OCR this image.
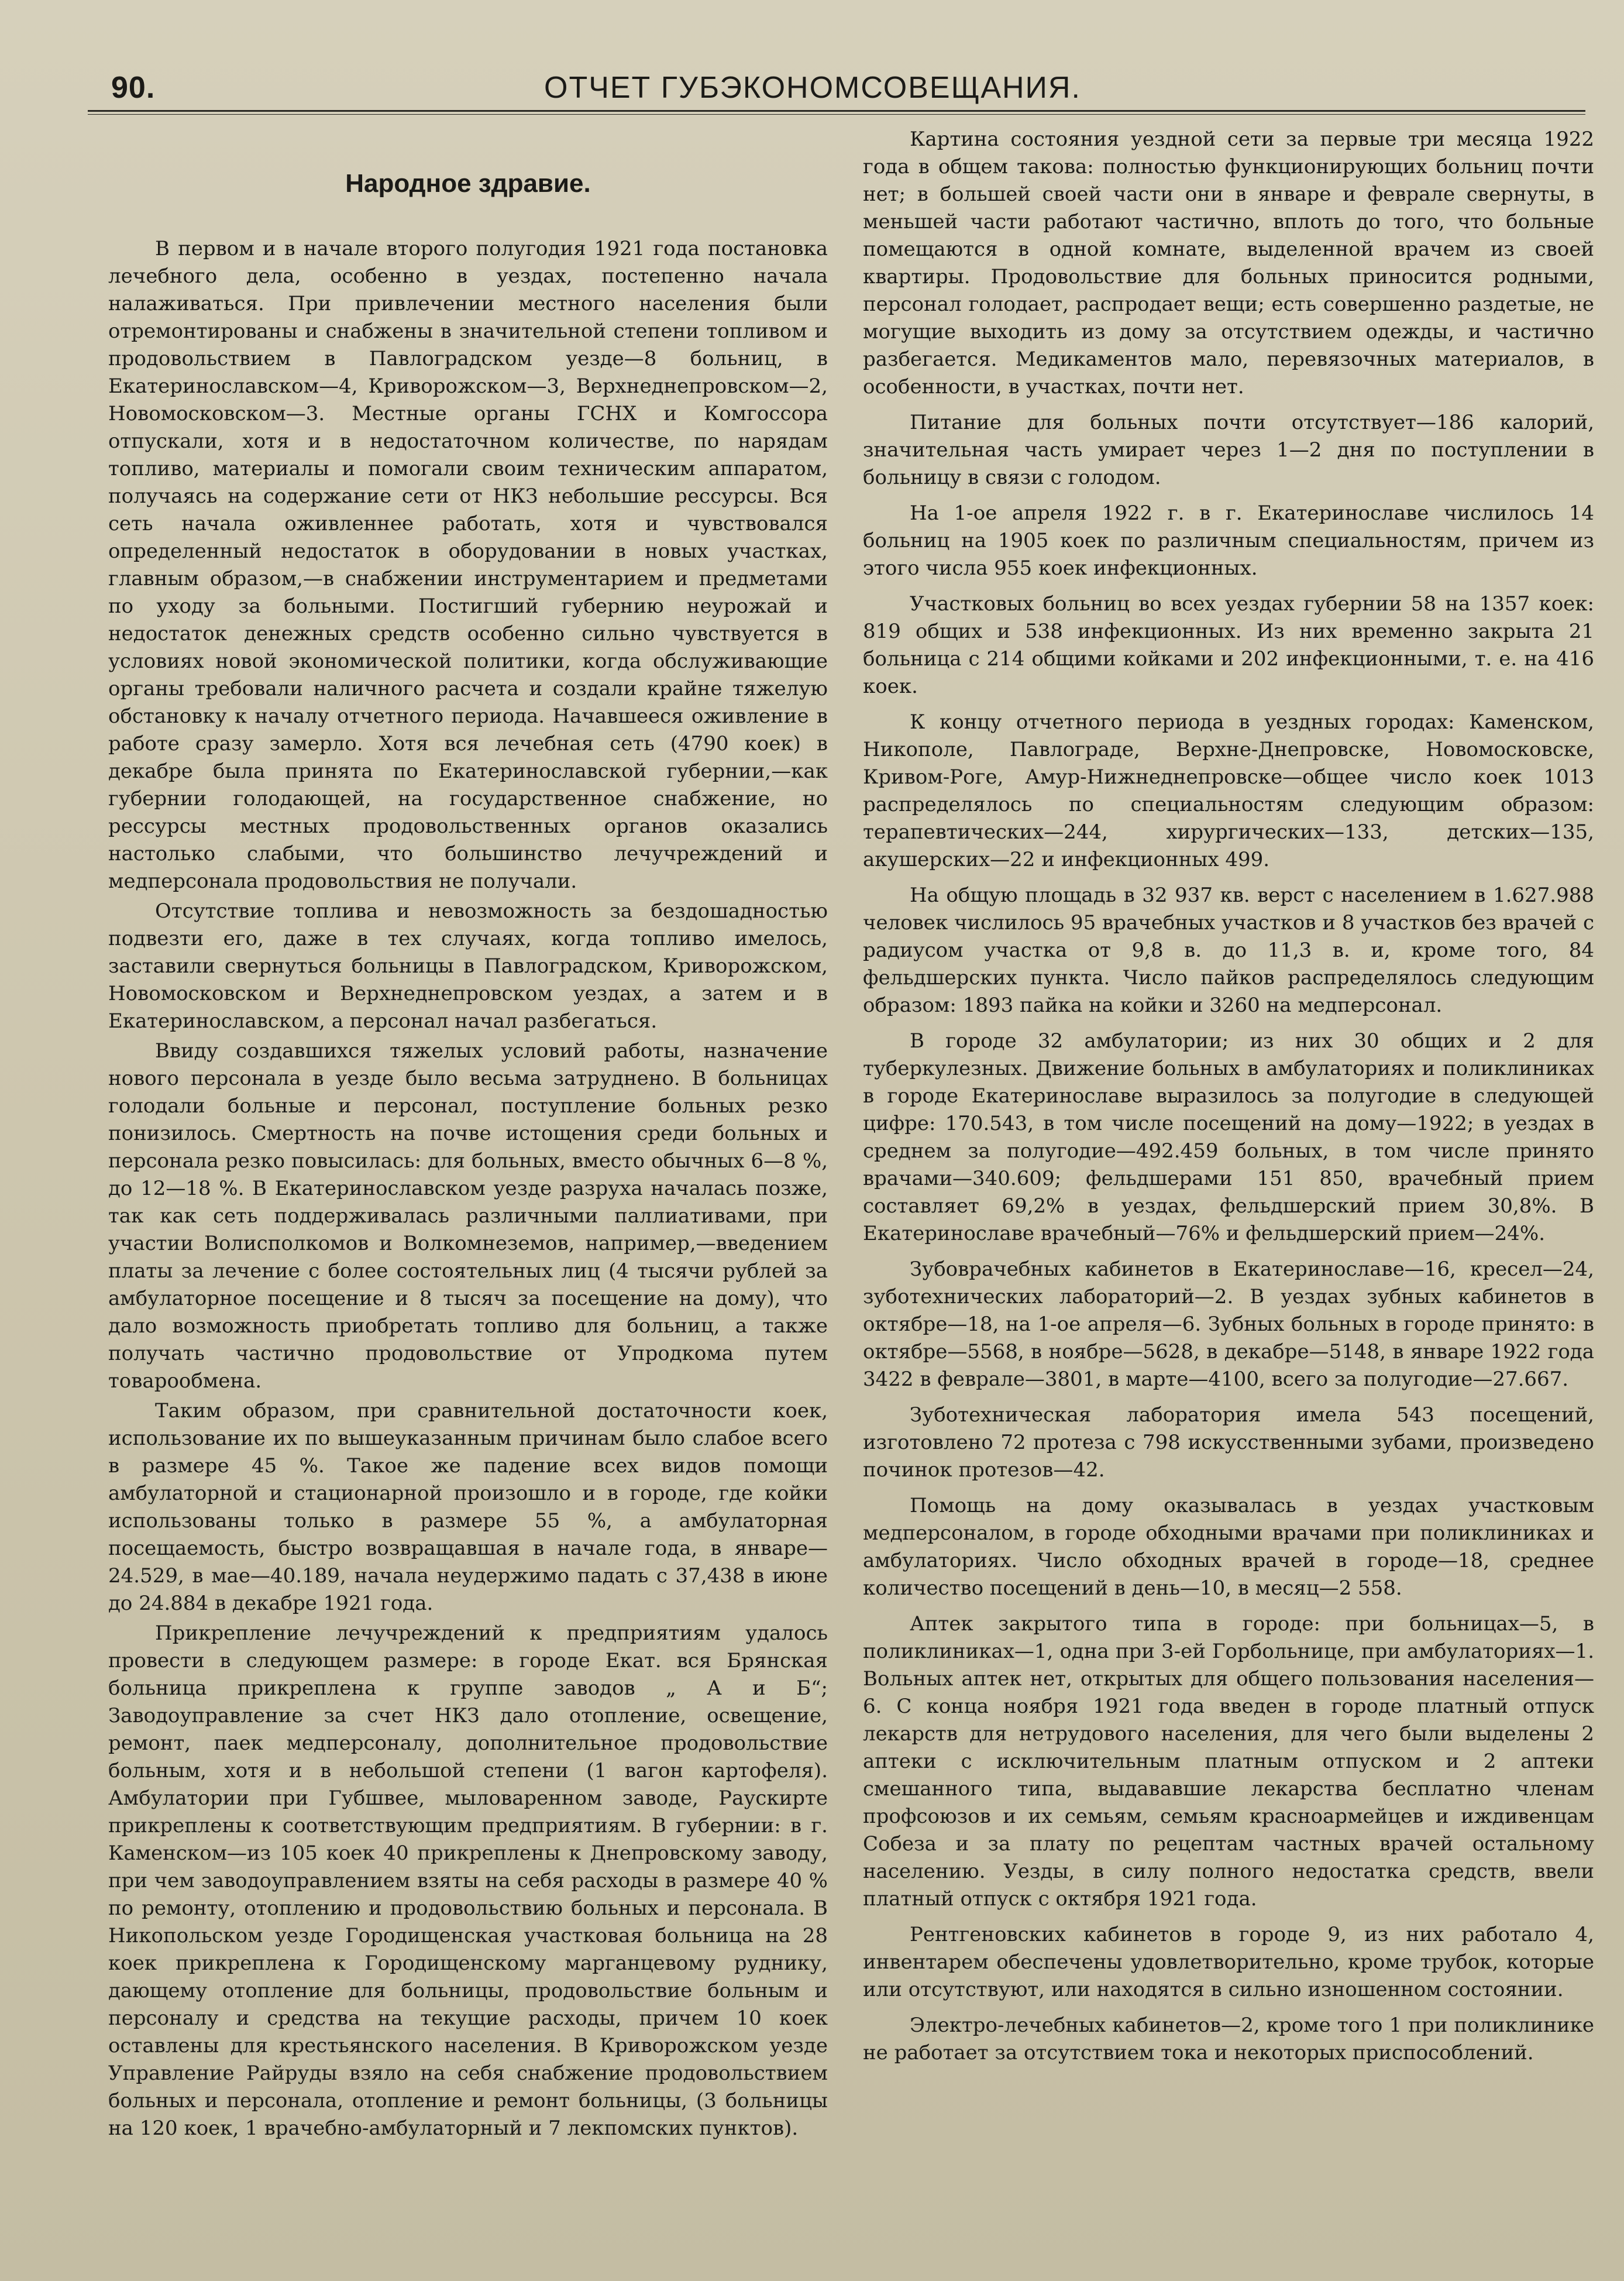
90.	ОТЧЕТ ГУБЭКОНОМСОВЕЩАНИЯ.
Народное здравие.

В первом и в начале второго полугодия 1921 года постановка лечебного дела, особенно в уездах, постепенно начала налаживаться. При привлечении местного населения были отремонтированы и снабжены в значительной степени топливом и продовольствием в Павлоградском уезде—8 больниц, в Екатеринославском—4, Криворожском—3, Верхнеднепровском—2, Новомосковском—3. Местные органы ГСНХ и Комгоссора отпускали, хотя и в недостаточном количестве, по нарядам топливо, материалы и помогали своим техническим аппаратом, получаясь на содержание сети от НКЗ небольшие рессурсы. Вся сеть начала оживленнее работать, хотя и чувствовался определенный недостаток в оборудовании в новых участках, главным образом,—в снабжении инструментарием и предметами по уходу за больными. Постигший губернию неурожай и недостаток денежных средств особенно сильно чувствуется в условиях новой экономической политики, когда обслуживающие органы требовали наличного расчета и создали крайне тяжелую обстановку к началу отчетного периода. Начавшееся оживление в работе сразу замерло. Хотя вся лечебная сеть (4790 коек) в декабре была принята по Екатеринославской губернии,—как губернии голодающей, на государственное снабжение, но рессурсы местных продовольственных органов оказались настолько слабыми, что большинство лечучреждений и медперсонала продовольствия не получали.

Отсутствие топлива и невозможность за бездошадностью подвезти его, даже в тех случаях, когда топливо имелось, заставили свернуться больницы в Павлоградском, Криворожском, Новомосковском и Верхнеднепровском уездах, а затем и в Екатеринославском, а персонал начал разбегаться.

Ввиду создавшихся тяжелых условий работы, назначение нового персонала в уезде было весьма затруднено. В больницах голодали больные и персонал, поступление больных резко понизилось. Смертность на почве истощения среди больных и персонала резко повысилась: для больных, вместо обычных 6—8 %, до 12—18 %. В Екатеринославском уезде разруха началась позже, так как сеть поддерживалась различными паллиативами, при участии Волисполкомов и Волкомнеземов, например,—введением платы за лечение с более состоятельных лиц (4 тысячи рублей за амбулаторное посещение и 8 тысяч за посещение на дому), что дало возможность приобретать топливо для больниц, а также получать частично продовольствие от Упродкома путем товарообмена.

Таким образом, при сравнительной достаточности коек, использование их по вышеуказанным причинам было слабое всего в размере 45 %. Такое же падение всех видов помощи амбулаторной и стационарной произошло и в городе, где койки использованы только в размере 55 %, а амбулаторная посещаемость, быстро возвращавшая в начале года, в январе—24.529, в мае—40.189, начала неудержимо падать с 37,438 в июне до 24.884 в декабре 1921 года.

Прикрепление лечучреждений к предприятиям удалось провести в следующем размере: в городе Екат. вся Брянская больница прикреплена к группе заводов „ А и Б“; Заводоуправление за счет НКЗ дало отопление, освещение, ремонт, паек медперсоналу, дополнительное продовольствие больным, хотя и в небольшой степени (1 вагон картофеля). Амбулатории при Губшвее, мыловаренном заводе, Раускирте прикреплены к соответствующим предприятиям. В губернии: в г. Каменском—из 105 коек 40 прикреплены к Днепровскому заводу, при чем заводоуправлением взяты на себя расходы в размере 40 % по ремонту, отоплению и продовольствию больных и персонала. В Никопольском уезде Городищенская участковая больница на 28 коек прикреплена к Городищенскому марганцевому руднику, дающему отопление для больницы, продовольствие больным и персоналу и средства на текущие расходы, причем 10 коек оставлены для крестьянского населения. В Криворожском уезде Управление Райруды взяло на себя снабжение продовольствием больных и персонала, отопление и ремонт больницы, (3 больницы на 120 коек, 1 врачебно-амбулаторный и 7 лекпомских пунктов).

Картина состояния уездной сети за первые три месяца 1922 года в общем такова: полностью функционирующих больниц почти нет; в большей своей части они в январе и феврале свернуты, в меньшей части работают частично, вплоть до того, что больные помещаются в одной комнате, выделенной врачем из своей квартиры. Продовольствие для больных приносится родными, персонал голодает, распродает вещи; есть совершенно раздетые, не могущие выходить из дому за отсутствием одежды, и частично разбегается. Медикаментов мало, перевязочных материалов, в особенности, в участках, почти нет.

Питание для больных почти отсутствует—186 калорий, значительная часть умирает через 1—2 дня по поступлении в больницу в связи с голодом.

На 1-ое апреля 1922 г. в г. Екатеринославе числилось 14 больниц на 1905 коек по различным специальностям, причем из этого числа 955 коек инфекционных.

Участковых больниц во всех уездах губернии 58 на 1357 коек: 819 общих и 538 инфекционных. Из них временно закрыта 21 больница с 214 общими койками и 202 инфекционными, т. е. на 416 коек.

К концу отчетного периода в уездных городах: Каменском, Никополе, Павлограде, Верхне-Днепровске, Новомосковске, Кривом-Роге, Амур-Нижнеднепровске—общее число коек 1013 распределялось по специальностям следующим образом: терапевтических—244, хирургических—133, детских—135, акушерских—22 и инфекционных 499.

На общую площадь в 32 937 кв. верст с населением в 1.627.988 человек числилось 95 врачебных участков и 8 участков без врачей с радиусом участка от 9,8 в. до 11,3 в. и, кроме того, 84 фельдшерских пункта. Число пайков распределялось следующим образом: 1893 пайка на койки и 3260 на медперсонал.

В городе 32 амбулатории; из них 30 общих и 2 для туберкулезных. Движение больных в амбулаториях и поликлиниках в городе Екатеринославе выразилось за полугодие в следующей цифре: 170.543, в том числе посещений на дому—1922; в уездах в среднем за полугодие—492.459 больных, в том числе принято врачами—340.609; фельдшерами 151 850, врачебный прием составляет 69,2% в уездах, фельдшерский прием 30,8%. В Екатеринославе врачебный—76% и фельдшерский прием—24%.

Зубоврачебных кабинетов в Екатеринославе—16, кресел—24, зуботехнических лабораторий—2. В уездах зубных кабинетов в октябре—18, на 1-ое апреля—6. Зубных больных в городе принято: в октябре—5568, в ноябре—5628, в декабре—5148, в январе 1922 года 3422 в феврале—3801, в марте—4100, всего за полугодие—27.667.

Зуботехническая лаборатория имела 543 посещений, изготовлено 72 протеза с 798 искусственными зубами, произведено починок протезов—42.

Помощь на дому оказывалась в уездах участковым медперсоналом, в городе обходными врачами при поликлиниках и амбулаториях. Число обходных врачей в городе—18, среднее количество посещений в день—10, в месяц—2 558.

Аптек закрытого типа в городе: при больницах—5, в поликлиниках—1, одна при 3-ей Горбольнице, при амбулаториях—1. Вольных аптек нет, открытых для общего пользования населения—6. С конца ноября 1921 года введен в городе платный отпуск лекарств для нетрудового населения, для чего были выделены 2 аптеки с исключительным платным отпуском и 2 аптеки смешанного типа, выдававшие лекарства бесплатно членам профсоюзов и их семьям, семьям красноармейцев и иждивенцам Собеза и за плату по рецептам частных врачей остальному населению. Уезды, в силу полного недостатка средств, ввели платный отпуск с октября 1921 года.

Рентгеновских кабинетов в городе 9, из них работало 4, инвентарем обеспечены удовлетворительно, кроме трубок, которые или отсутствуют, или находятся в сильно изношенном состоянии.

Электро-лечебных кабинетов—2, кроме того 1 при поликлинике не работает за отсутствием тока и некоторых приспособлений.
